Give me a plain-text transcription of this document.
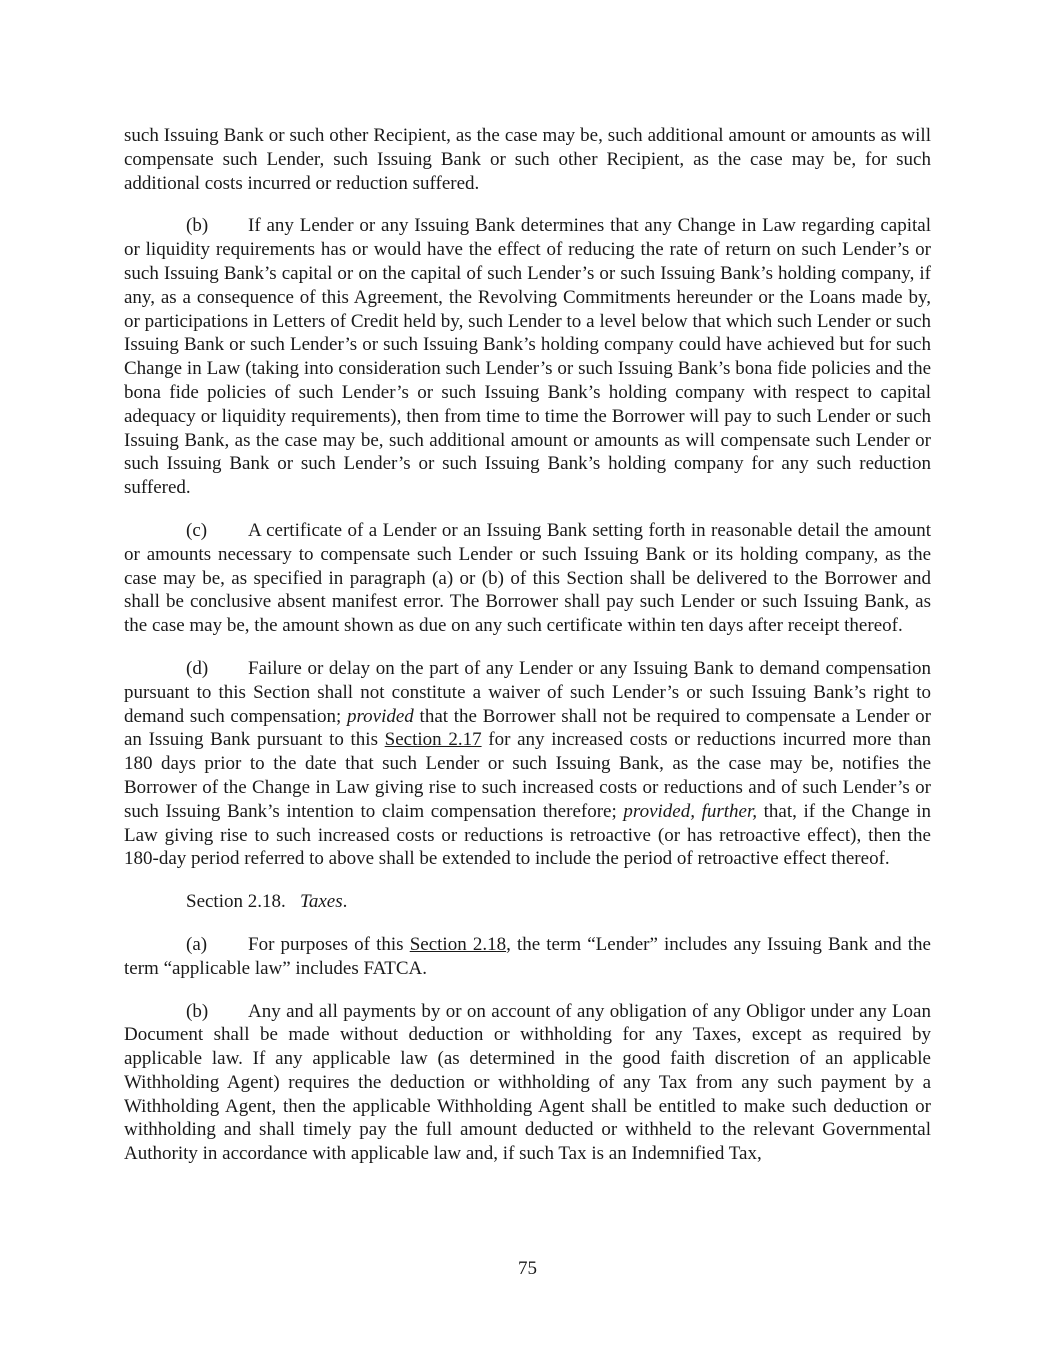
such Issuing Bank or such other Recipient, as the case may be, such additional amount or amounts as will compensate such Lender, such Issuing Bank or such other Recipient, as the case may be, for such additional costs incurred or reduction suffered.

(b) If any Lender or any Issuing Bank determines that any Change in Law regarding capital or liquidity requirements has or would have the effect of reducing the rate of return on such Lender’s or such Issuing Bank’s capital or on the capital of such Lender’s or such Issuing Bank’s holding company, if any, as a consequence of this Agreement, the Revolving Commitments hereunder or the Loans made by, or participations in Letters of Credit held by, such Lender to a level below that which such Lender or such Issuing Bank or such Lender’s or such Issuing Bank’s holding company could have achieved but for such Change in Law (taking into consideration such Lender’s or such Issuing Bank’s bona fide policies and the bona fide policies of such Lender’s or such Issuing Bank’s holding company with respect to capital adequacy or liquidity requirements), then from time to time the Borrower will pay to such Lender or such Issuing Bank, as the case may be, such additional amount or amounts as will compensate such Lender or such Issuing Bank or such Lender’s or such Issuing Bank’s holding company for any such reduction suffered.

(c) A certificate of a Lender or an Issuing Bank setting forth in reasonable detail the amount or amounts necessary to compensate such Lender or such Issuing Bank or its holding company, as the case may be, as specified in paragraph (a) or (b) of this Section shall be delivered to the Borrower and shall be conclusive absent manifest error. The Borrower shall pay such Lender or such Issuing Bank, as the case may be, the amount shown as due on any such certificate within ten days after receipt thereof.

(d) Failure or delay on the part of any Lender or any Issuing Bank to demand compensation pursuant to this Section shall not constitute a waiver of such Lender’s or such Issuing Bank’s right to demand such compensation; provided that the Borrower shall not be required to compensate a Lender or an Issuing Bank pursuant to this Section 2.17 for any increased costs or reductions incurred more than 180 days prior to the date that such Lender or such Issuing Bank, as the case may be, notifies the Borrower of the Change in Law giving rise to such increased costs or reductions and of such Lender’s or such Issuing Bank’s intention to claim compensation therefore; provided, further, that, if the Change in Law giving rise to such increased costs or reductions is retroactive (or has retroactive effect), then the 180-day period referred to above shall be extended to include the period of retroactive effect thereof.

Section 2.18. Taxes.

(a) For purposes of this Section 2.18, the term “Lender” includes any Issuing Bank and the term “applicable law” includes FATCA.

(b) Any and all payments by or on account of any obligation of any Obligor under any Loan Document shall be made without deduction or withholding for any Taxes, except as required by applicable law. If any applicable law (as determined in the good faith discretion of an applicable Withholding Agent) requires the deduction or withholding of any Tax from any such payment by a Withholding Agent, then the applicable Withholding Agent shall be entitled to make such deduction or withholding and shall timely pay the full amount deducted or withheld to the relevant Governmental Authority in accordance with applicable law and, if such Tax is an Indemnified Tax,

75
